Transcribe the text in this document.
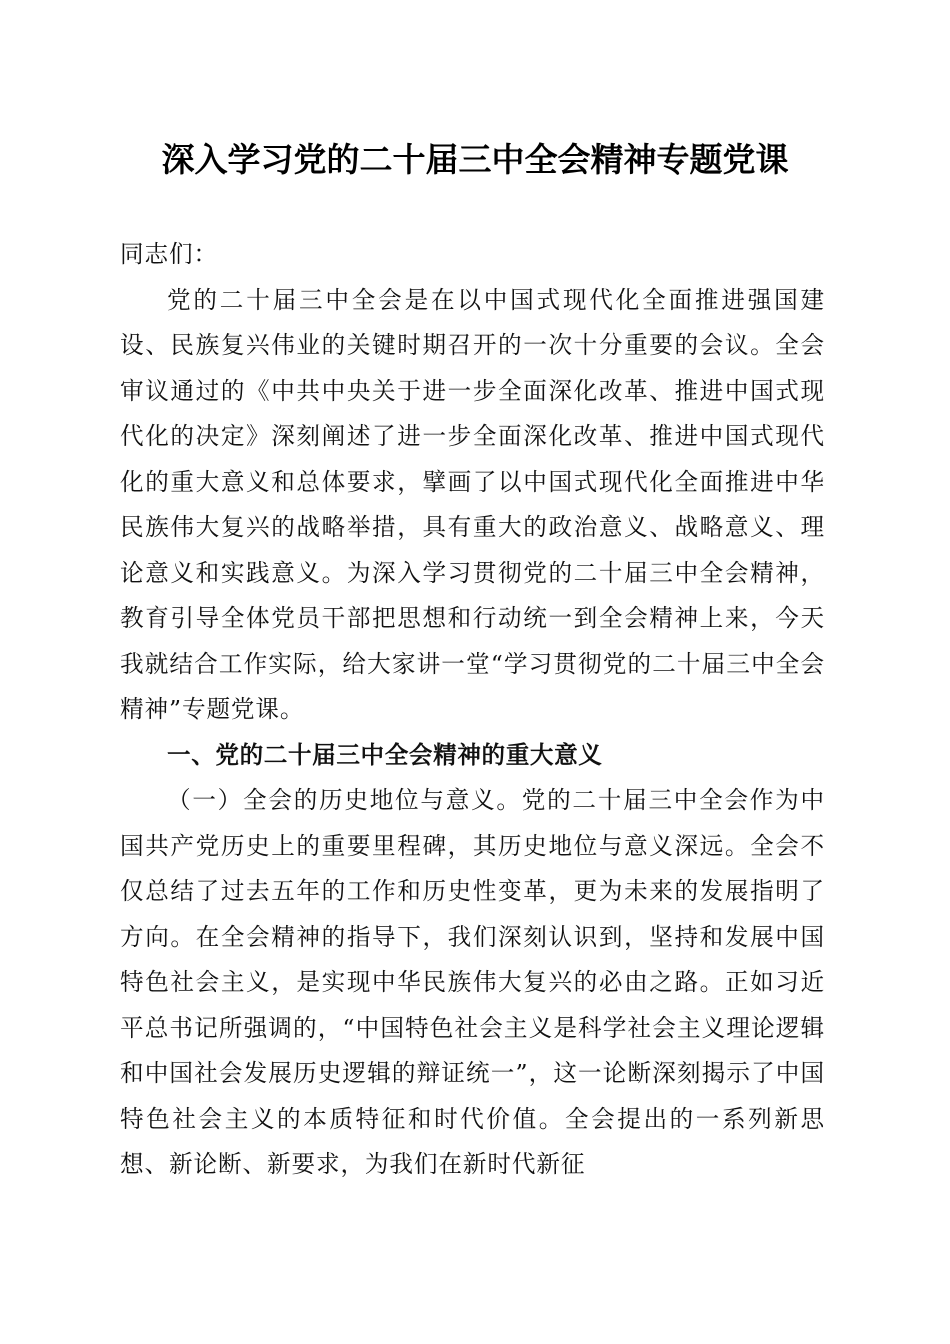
深入学习党的二十届三中全会精神专题党课

同志们：

党的二十届三中全会是在以中国式现代化全面推进强国建设、民族复兴伟业的关键时期召开的一次十分重要的会议。全会审议通过的《中共中央关于进一步全面深化改革、推进中国式现代化的决定》深刻阐述了进一步全面深化改革、推进中国式现代化的重大意义和总体要求，擘画了以中国式现代化全面推进中华民族伟大复兴的战略举措，具有重大的政治意义、战略意义、理论意义和实践意义。为深入学习贯彻党的二十届三中全会精神，教育引导全体党员干部把思想和行动统一到全会精神上来，今天我就结合工作实际，给大家讲一堂“学习贯彻党的二十届三中全会精神”专题党课。

一、党的二十届三中全会精神的重大意义

（一）全会的历史地位与意义。党的二十届三中全会作为中国共产党历史上的重要里程碑，其历史地位与意义深远。全会不仅总结了过去五年的工作和历史性变革，更为未来的发展指明了方向。在全会精神的指导下，我们深刻认识到，坚持和发展中国特色社会主义，是实现中华民族伟大复兴的必由之路。正如习近平总书记所强调的，“中国特色社会主义是科学社会主义理论逻辑和中国社会发展历史逻辑的辩证统一”，这一论断深刻揭示了中国特色社会主义的本质特征和时代价值。全会提出的一系列新思想、新论断、新要求，为我们在新时代新征
